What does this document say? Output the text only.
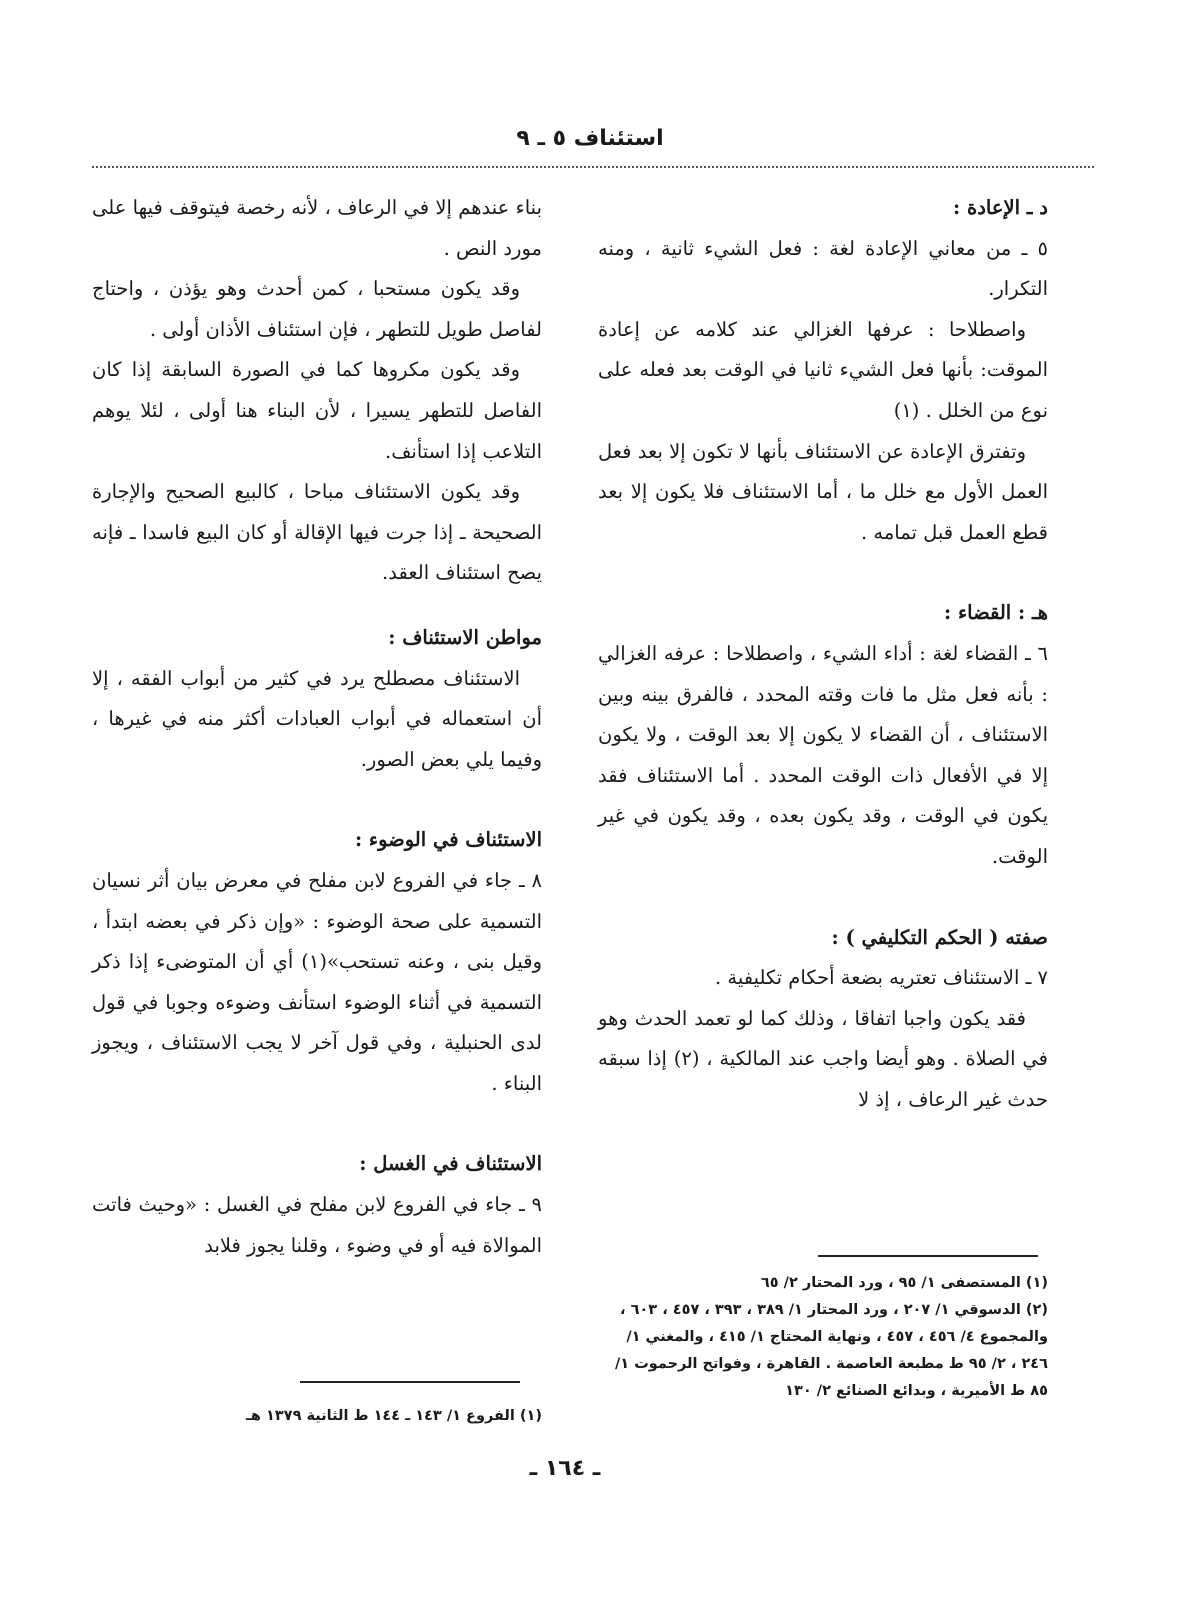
استئناف ٥ ـ ٩

د ـ الإعادة :

٥ ـ من معاني الإعادة لغة : فعل الشيء ثانية ، ومنه التكرار.

واصطلاحا : عرفها الغزالي عند كلامه عن إعادة الموقت: بأنها فعل الشيء ثانيا في الوقت بعد فعله على نوع من الخلل . (١)

وتفترق الإعادة عن الاستئناف بأنها لا تكون إلا بعد فعل العمل الأول مع خلل ما ، أما الاستئناف فلا يكون إلا بعد قطع العمل قبل تمامه .

هـ : القضاء :

٦ ـ القضاء لغة : أداء الشيء ، واصطلاحا : عرفه الغزالي : بأنه فعل مثل ما فات وقته المحدد ، فالفرق بينه وبين الاستئناف ، أن القضاء لا يكون إلا بعد الوقت ، ولا يكون إلا في الأفعال ذات الوقت المحدد . أما الاستئناف فقد يكون في الوقت ، وقد يكون بعده ، وقد يكون في غير الوقت.

صفته ( الحكم التكليفي ) :

٧ ـ الاستئناف تعتريه بضعة أحكام تكليفية .

فقد يكون واجبا اتفاقا ، وذلك كما لو تعمد الحدث وهو في الصلاة . وهو أيضا واجب عند المالكية ، (٢) إذا سبقه حدث غير الرعاف ، إذ لا

بناء عندهم إلا في الرعاف ، لأنه رخصة فيتوقف فيها على مورد النص .

وقد يكون مستحبا ، كمن أحدث وهو يؤذن ، واحتاج لفاصل طويل للتطهر ، فإن استئناف الأذان أولى .

وقد يكون مكروها كما في الصورة السابقة إذا كان الفاصل للتطهر يسيرا ، لأن البناء هنا أولى ، لئلا يوهم التلاعب إذا استأنف.

وقد يكون الاستئناف مباحا ، كالبيع الصحيح والإجارة الصحيحة ـ إذا جرت فيها الإقالة أو كان البيع فاسدا ـ فإنه يصح استئناف العقد.

مواطن الاستئناف :

الاستئناف مصطلح يرد في كثير من أبواب الفقه ، إلا أن استعماله في أبواب العبادات أكثر منه في غيرها ، وفيما يلي بعض الصور.

الاستئناف في الوضوء :

٨ ـ جاء في الفروع لابن مفلح في معرض بيان أثر نسيان التسمية على صحة الوضوء : «وإن ذكر في بعضه ابتدأ ، وقيل بنى ، وعنه تستحب»(١) أي أن المتوضىء إذا ذكر التسمية في أثناء الوضوء استأنف وضوءه وجوبا في قول لدى الحنبلية ، وفي قول آخر لا يجب الاستئناف ، ويجوز البناء .

الاستئناف في الغسل :

٩ ـ جاء في الفروع لابن مفلح في الغسل : «وحيث فاتت الموالاة فيه أو في وضوء ، وقلنا يجوز فلابد

(١) المستصفى ١/ ٩٥ ، ورد المحتار ٢/ ٦٥

(٢) الدسوقي ١/ ٢٠٧ ، ورد المحتار ١/ ٣٨٩ ، ٣٩٣ ، ٤٥٧ ، ٦٠٣ ، والمجموع ٤/ ٤٥٦ ، ٤٥٧ ، ونهاية المحتاج ١/ ٤١٥ ، والمغني ١/ ٢٤٦ ، ٢/ ٩٥ ط مطبعة العاصمة . القاهرة ، وفواتح الرحموت ١/ ٨٥ ط الأميرية ، وبدائع الصنائع ٢/ ١٣٠

(١) الفروع ١/ ١٤٣ ـ ١٤٤ ط الثانية ١٣٧٩ هـ

ـ ١٦٤ ـ
